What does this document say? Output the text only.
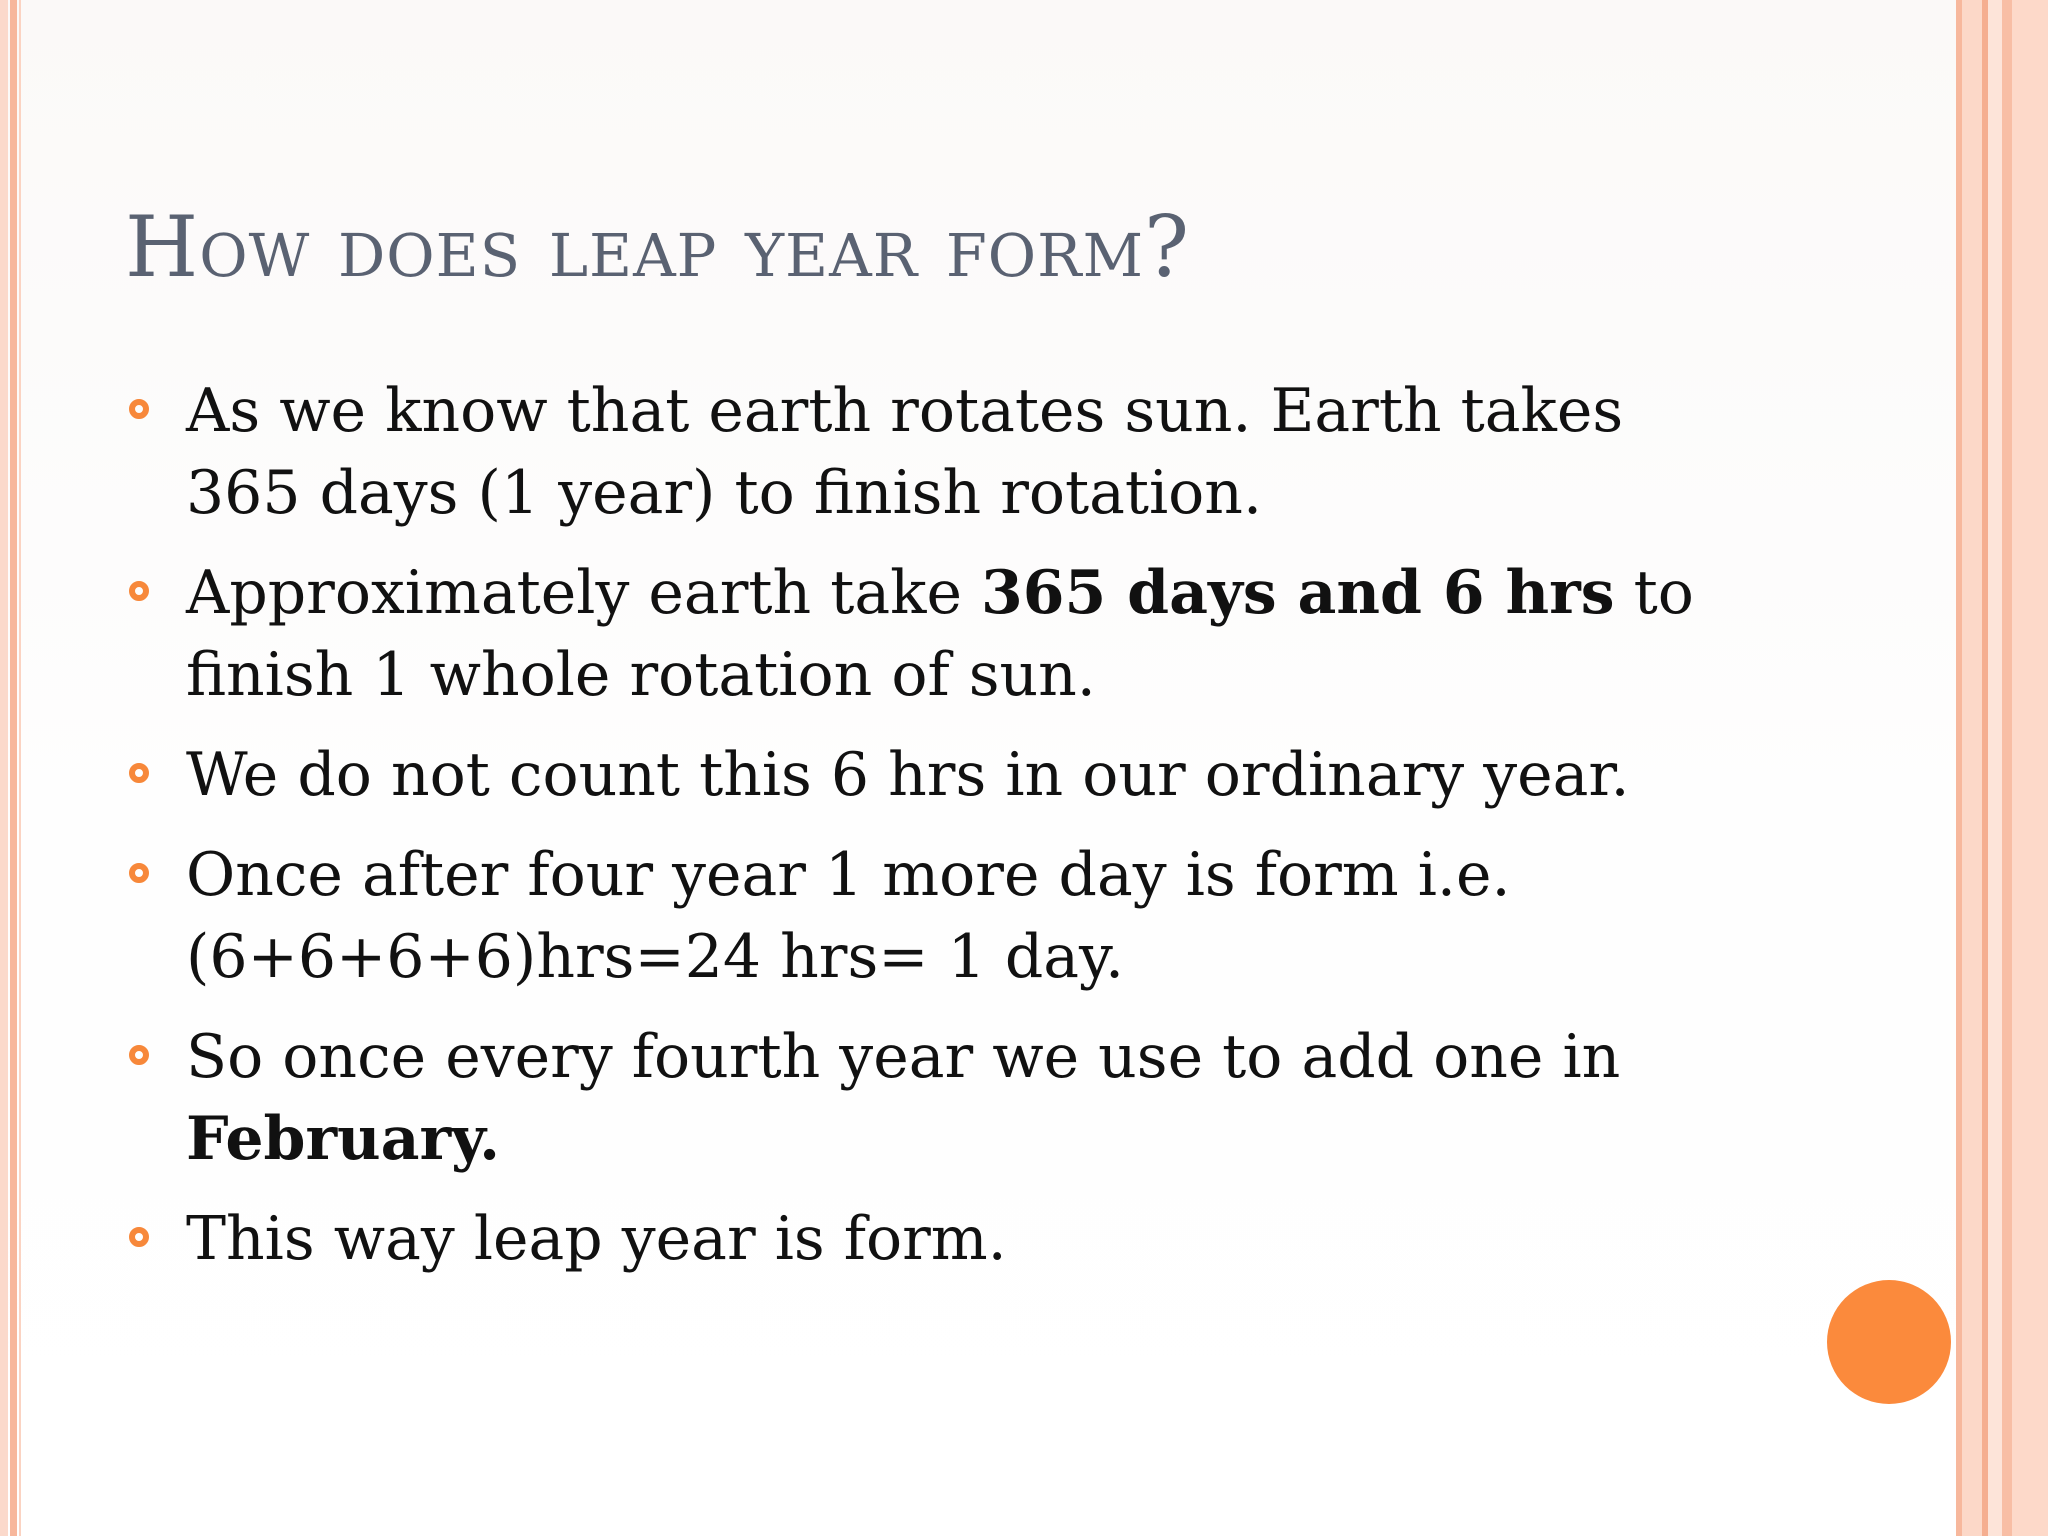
How does leap year form?
As we know that earth rotates sun. Earth takes
365 days (1 year) to finish rotation.
Approximately earth take 365 days and 6 hrs to
finish 1 whole rotation of sun.
We do not count this 6 hrs in our ordinary year.
Once after four year 1 more day is form i.e.
(6+6+6+6)hrs=24 hrs= 1 day.
So once every fourth year we use to add one in
February.
This way leap year is form.
